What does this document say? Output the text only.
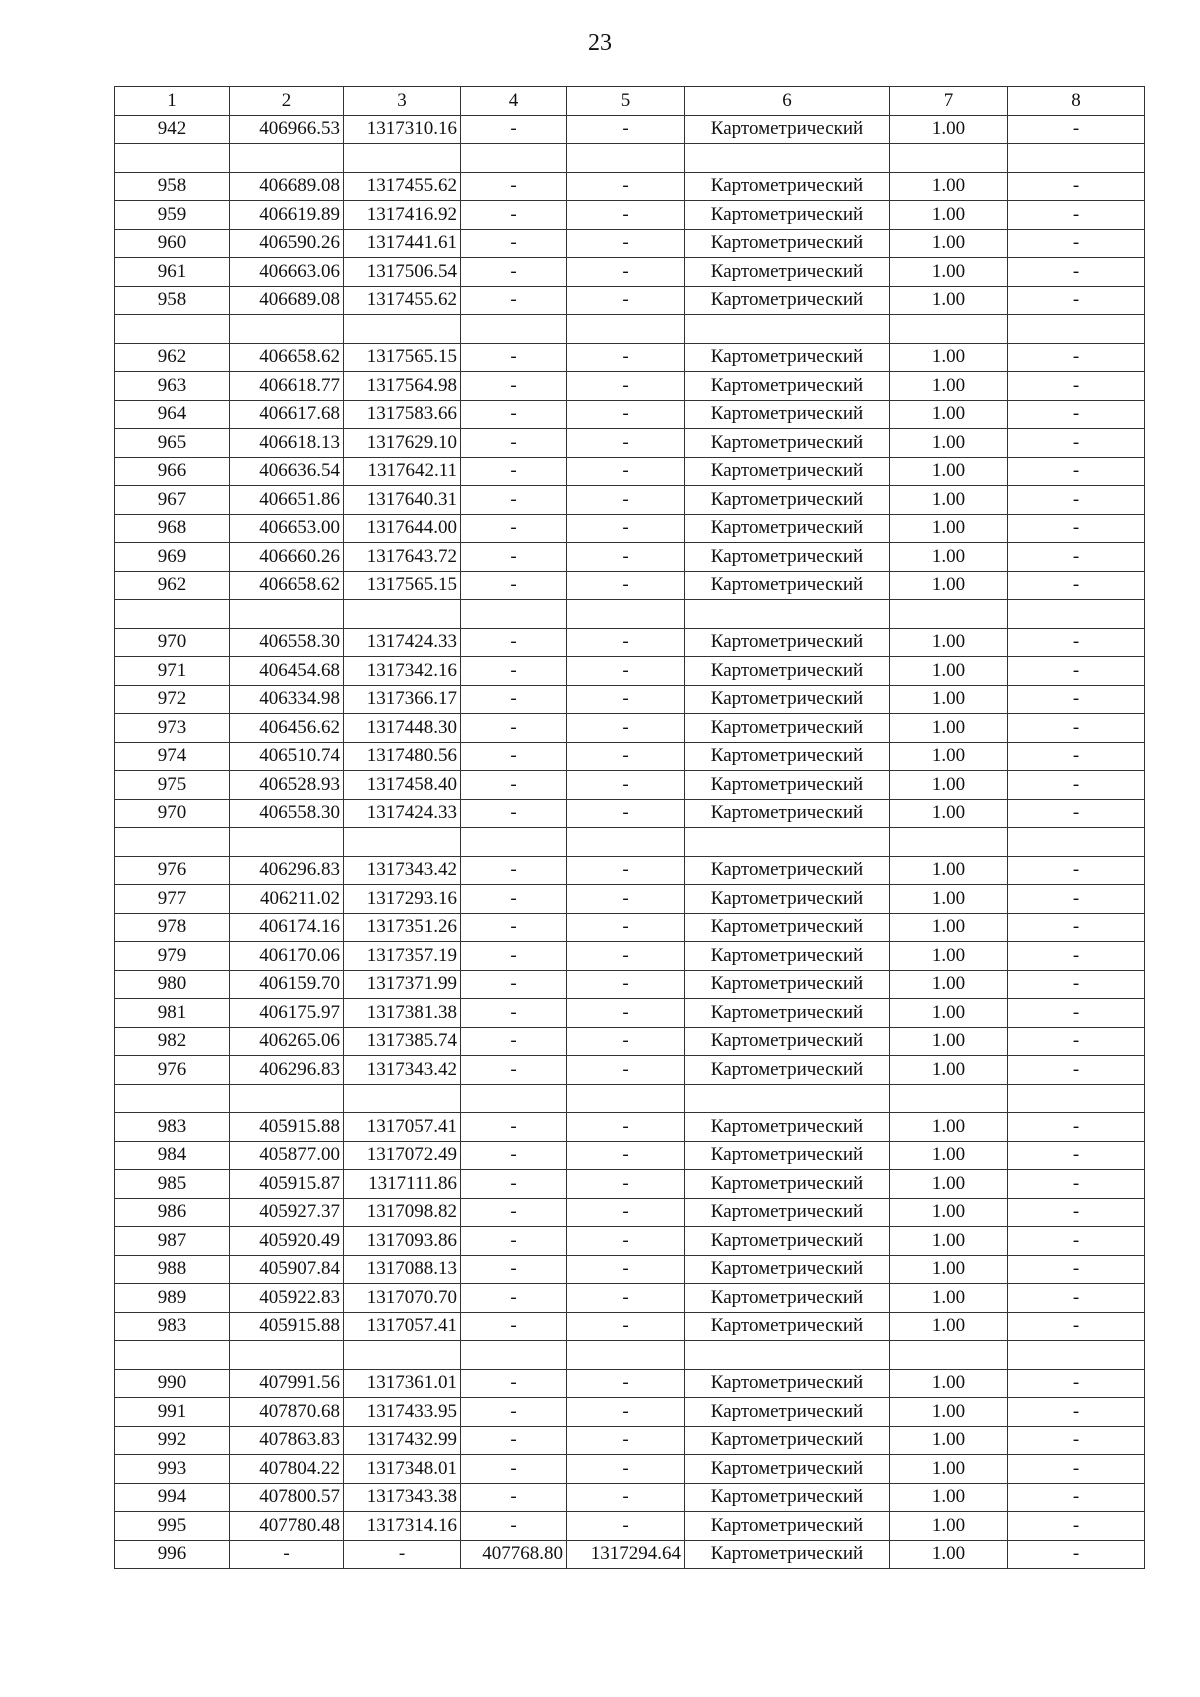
23
1	2	3	4	5	6	7	8
942	406966.53	1317310.16	-	-	Картометрический	1.00	-

958	406689.08	1317455.62	-	-	Картометрический	1.00	-
959	406619.89	1317416.92	-	-	Картометрический	1.00	-
960	406590.26	1317441.61	-	-	Картометрический	1.00	-
961	406663.06	1317506.54	-	-	Картометрический	1.00	-
958	406689.08	1317455.62	-	-	Картометрический	1.00	-

962	406658.62	1317565.15	-	-	Картометрический	1.00	-
963	406618.77	1317564.98	-	-	Картометрический	1.00	-
964	406617.68	1317583.66	-	-	Картометрический	1.00	-
965	406618.13	1317629.10	-	-	Картометрический	1.00	-
966	406636.54	1317642.11	-	-	Картометрический	1.00	-
967	406651.86	1317640.31	-	-	Картометрический	1.00	-
968	406653.00	1317644.00	-	-	Картометрический	1.00	-
969	406660.26	1317643.72	-	-	Картометрический	1.00	-
962	406658.62	1317565.15	-	-	Картометрический	1.00	-

970	406558.30	1317424.33	-	-	Картометрический	1.00	-
971	406454.68	1317342.16	-	-	Картометрический	1.00	-
972	406334.98	1317366.17	-	-	Картометрический	1.00	-
973	406456.62	1317448.30	-	-	Картометрический	1.00	-
974	406510.74	1317480.56	-	-	Картометрический	1.00	-
975	406528.93	1317458.40	-	-	Картометрический	1.00	-
970	406558.30	1317424.33	-	-	Картометрический	1.00	-

976	406296.83	1317343.42	-	-	Картометрический	1.00	-
977	406211.02	1317293.16	-	-	Картометрический	1.00	-
978	406174.16	1317351.26	-	-	Картометрический	1.00	-
979	406170.06	1317357.19	-	-	Картометрический	1.00	-
980	406159.70	1317371.99	-	-	Картометрический	1.00	-
981	406175.97	1317381.38	-	-	Картометрический	1.00	-
982	406265.06	1317385.74	-	-	Картометрический	1.00	-
976	406296.83	1317343.42	-	-	Картометрический	1.00	-

983	405915.88	1317057.41	-	-	Картометрический	1.00	-
984	405877.00	1317072.49	-	-	Картометрический	1.00	-
985	405915.87	1317111.86	-	-	Картометрический	1.00	-
986	405927.37	1317098.82	-	-	Картометрический	1.00	-
987	405920.49	1317093.86	-	-	Картометрический	1.00	-
988	405907.84	1317088.13	-	-	Картометрический	1.00	-
989	405922.83	1317070.70	-	-	Картометрический	1.00	-
983	405915.88	1317057.41	-	-	Картометрический	1.00	-

990	407991.56	1317361.01	-	-	Картометрический	1.00	-
991	407870.68	1317433.95	-	-	Картометрический	1.00	-
992	407863.83	1317432.99	-	-	Картометрический	1.00	-
993	407804.22	1317348.01	-	-	Картометрический	1.00	-
994	407800.57	1317343.38	-	-	Картометрический	1.00	-
995	407780.48	1317314.16	-	-	Картометрический	1.00	-
996	-	-	407768.80	1317294.64	Картометрический	1.00	-
